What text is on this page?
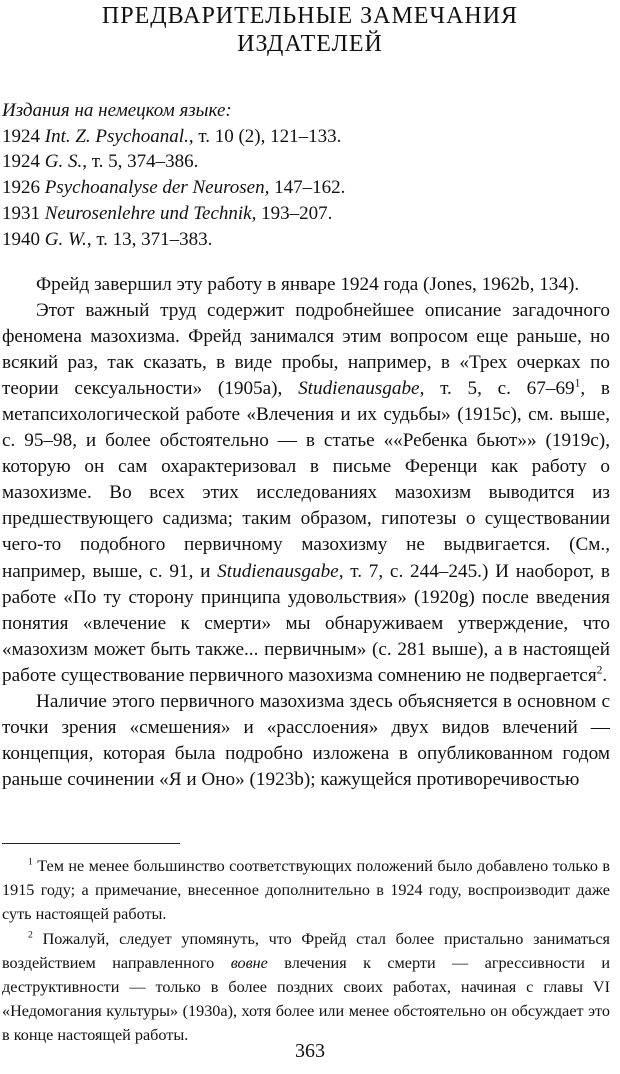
ПРЕДВАРИТЕЛЬНЫЕ ЗАМЕЧАНИЯ
ИЗДАТЕЛЕЙ
Издания на немецком языке:
1924 Int. Z. Psychoanal., т. 10 (2), 121–133.
1924 G. S., т. 5, 374–386.
1926 Psychoanalyse der Neurosen, 147–162.
1931 Neurosenlehre und Technik, 193–207.
1940 G. W., т. 13, 371–383.

Фрейд завершил эту работу в январе 1924 года (Jones, 1962b, 134).

Этот важный труд содержит подробнейшее описание загадочного феномена мазохизма. Фрейд занимался этим вопросом еще раньше, но всякий раз, так сказать, в виде пробы, например, в «Трех очерках по теории сексуальности» (1905a), Studienausgabe, т. 5, с. $67-69^1$, в метапсихологической работе «Влечения и их судьбы» (1915c), см. выше, с. 95–98, и более обстоятельно — в статье ««Ребенка бьют»» (1919c), которую он сам охарактеризовал в письме Ференци как работу о мазохизме. Во всех этих исследованиях мазохизм выводится из предшествующего садизма; таким образом, гипотезы о существовании чего-то подобного первичному мазохизму не выдвигается. (См., например, выше, с. 91, и Studienausgabe, т. 7, с. 244–245.) И наоборот, в работе «По ту сторону принципа удовольствия» (1920g) после введения понятия «влечение к смерти» мы обнаруживаем утверждение, что «мазохизм может быть также... первичным» (с. 281 выше), а в настоящей работе существование первичного мазохизма сомнению не подвергается$^2$.

Наличие этого первичного мазохизма здесь объясняется в основном с точки зрения «смешения» и «расслоения» двух видов влечений — концепция, которая была подробно изложена в опубликованном годом раньше сочинении «Я и Оно» (1923b); кажущейся противоречивостью

$^1$ Тем не менее большинство соответствующих положений было добавлено только в 1915 году; а примечание, внесенное дополнительно в 1924 году, воспроизводит даже суть настоящей работы.

$^2$ Пожалуй, следует упомянуть, что Фрейд стал более пристально заниматься воздействием направленного вовне влечения к смерти — агрессивности и деструктивности — только в более поздних своих работах, начиная с главы VI «Недомогания культуры» (1930a), хотя более или менее обстоятельно он обсуждает это в конце настоящей работы.

363
